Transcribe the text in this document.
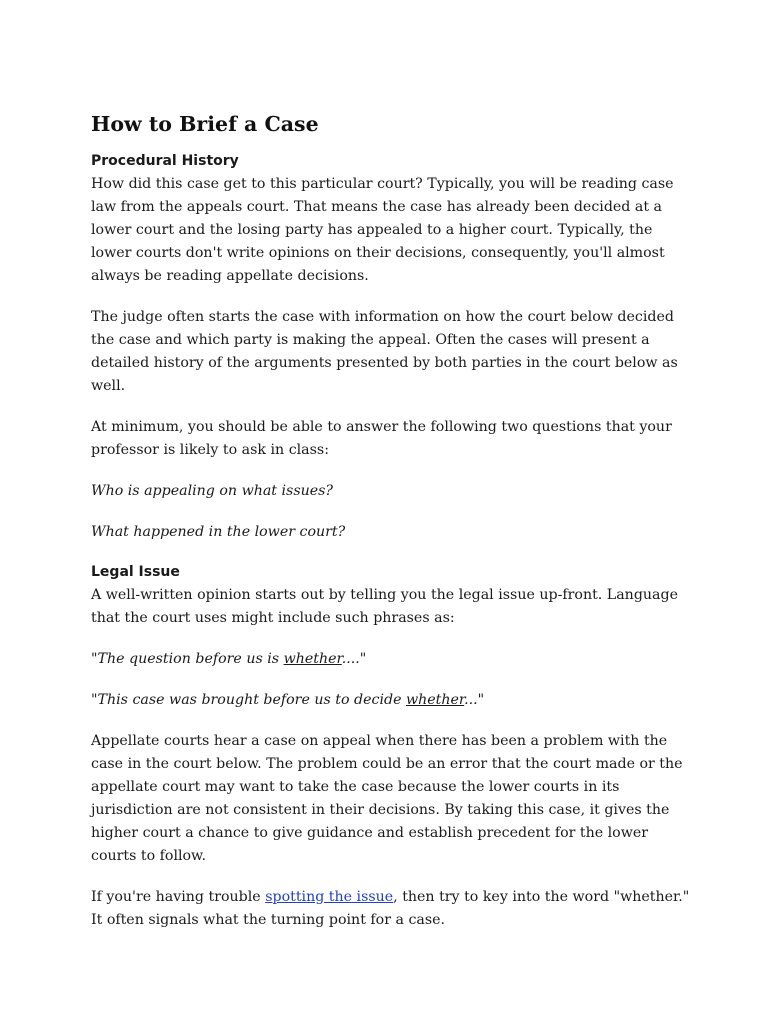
How to Brief a Case
Procedural History

How did this case get to this particular court? Typically, you will be reading case law from the appeals court. That means the case has already been decided at a lower court and the losing party has appealed to a higher court. Typically, the lower courts don't write opinions on their decisions, consequently, you'll almost always be reading appellate decisions.

The judge often starts the case with information on how the court below decided the case and which party is making the appeal. Often the cases will present a detailed history of the arguments presented by both parties in the court below as well.

At minimum, you should be able to answer the following two questions that your professor is likely to ask in class:

Who is appealing on what issues?

What happened in the lower court?

Legal Issue

A well-written opinion starts out by telling you the legal issue up-front. Language that the court uses might include such phrases as:

"The question before us is whether...."

"This case was brought before us to decide whether..."

Appellate courts hear a case on appeal when there has been a problem with the case in the court below. The problem could be an error that the court made or the appellate court may want to take the case because the lower courts in its jurisdiction are not consistent in their decisions. By taking this case, it gives the higher court a chance to give guidance and establish precedent for the lower courts to follow.

If you're having trouble spotting the issue, then try to key into the word "whether." It often signals what the turning point for a case.
